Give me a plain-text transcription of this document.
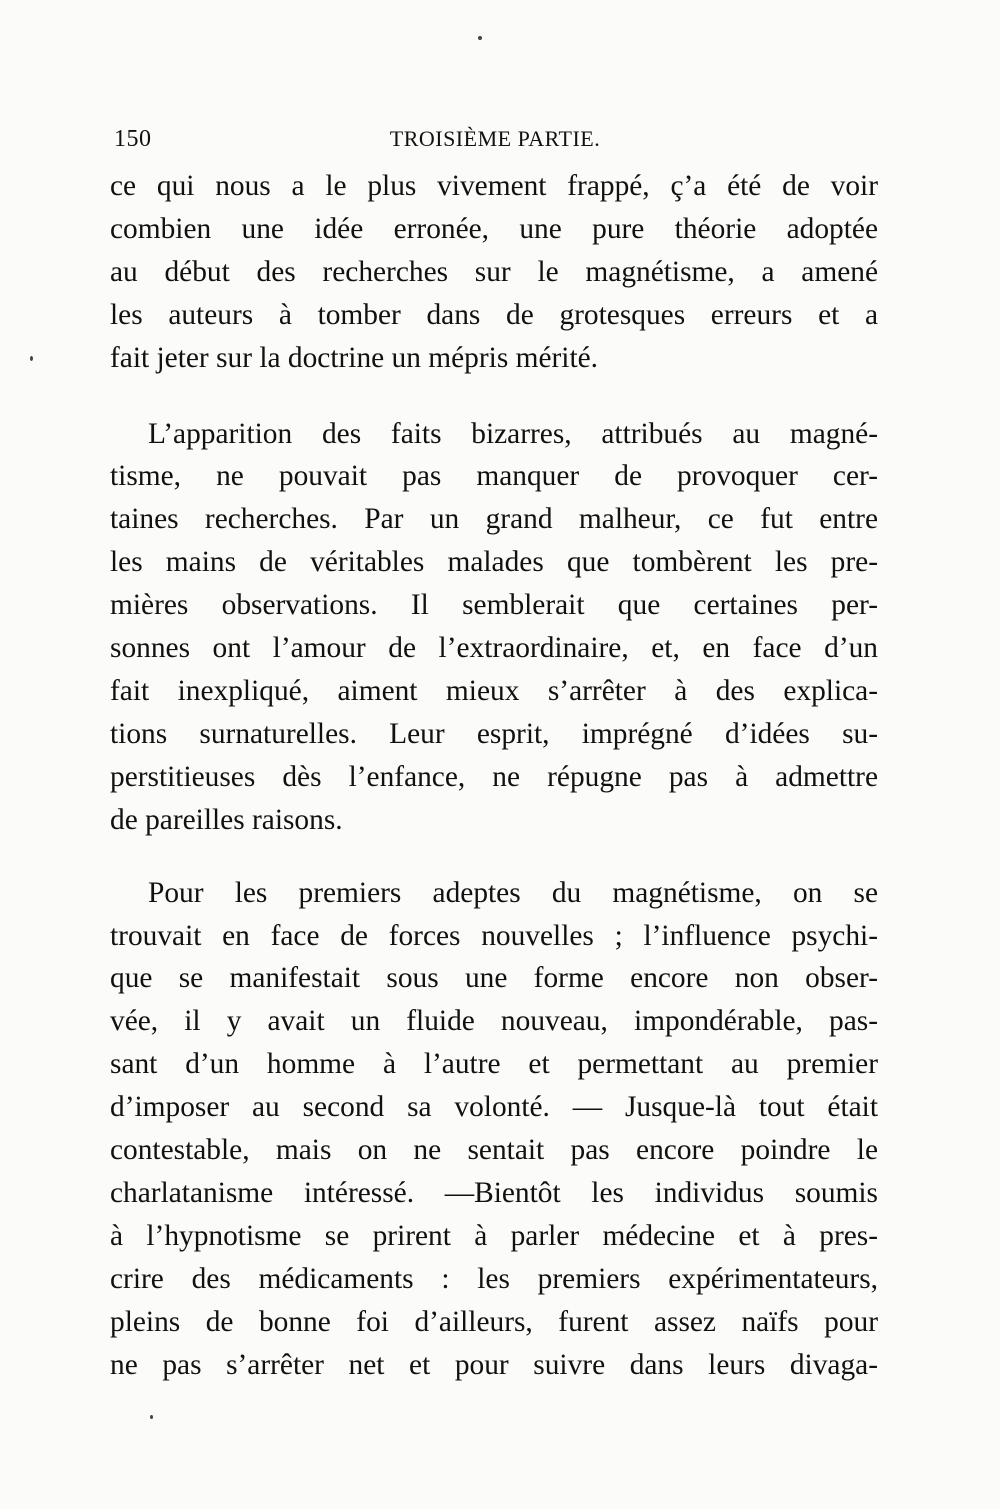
150	TROISIÈME PARTIE.

ce qui nous a le plus vivement frappé, ç’a été de voir
combien une idée erronée, une pure théorie adoptée
au début des recherches sur le magnétisme, a amené
les auteurs à tomber dans de grotesques erreurs et a
fait jeter sur la doctrine un mépris mérité.

L’apparition des faits bizarres, attribués au magné-
tisme, ne pouvait pas manquer de provoquer cer-
taines recherches. Par un grand malheur, ce fut entre
les mains de véritables malades que tombèrent les pre-
mières observations. Il semblerait que certaines per-
sonnes ont l’amour de l’extraordinaire, et, en face d’un
fait inexpliqué, aiment mieux s’arrêter à des explica-
tions surnaturelles. Leur esprit, imprégné d’idées su-
perstitieuses dès l’enfance, ne répugne pas à admettre
de pareilles raisons.

Pour les premiers adeptes du magnétisme, on se
trouvait en face de forces nouvelles ; l’influence psychi-
que se manifestait sous une forme encore non obser-
vée, il y avait un fluide nouveau, impondérable, pas-
sant d’un homme à l’autre et permettant au premier
d’imposer au second sa volonté. — Jusque-là tout était
contestable, mais on ne sentait pas encore poindre le
charlatanisme intéressé. —Bientôt les individus soumis
à l’hypnotisme se prirent à parler médecine et à pres-
crire des médicaments : les premiers expérimentateurs,
pleins de bonne foi d’ailleurs, furent assez naïfs pour
ne pas s’arrêter net et pour suivre dans leurs divaga-
